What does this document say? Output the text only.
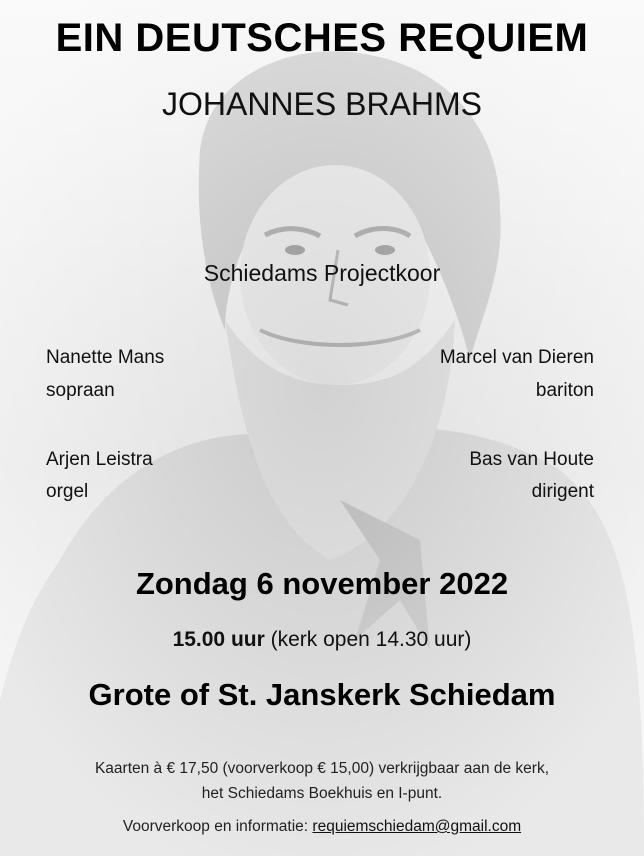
EIN DEUTSCHES REQUIEM
JOHANNES BRAHMS
Schiedams Projectkoor
Nanette Mans
sopraan
Marcel van Dieren
bariton
Arjen Leistra
orgel
Bas van Houte
dirigent
Zondag 6 november 2022
15.00 uur (kerk open 14.30 uur)
Grote of St. Janskerk Schiedam
Kaarten à € 17,50 (voorverkoop € 15,00) verkrijgbaar aan de kerk,
het Schiedams Boekhuis en I-punt.
Voorverkoop en informatie: requiemschiedam@gmail.com
